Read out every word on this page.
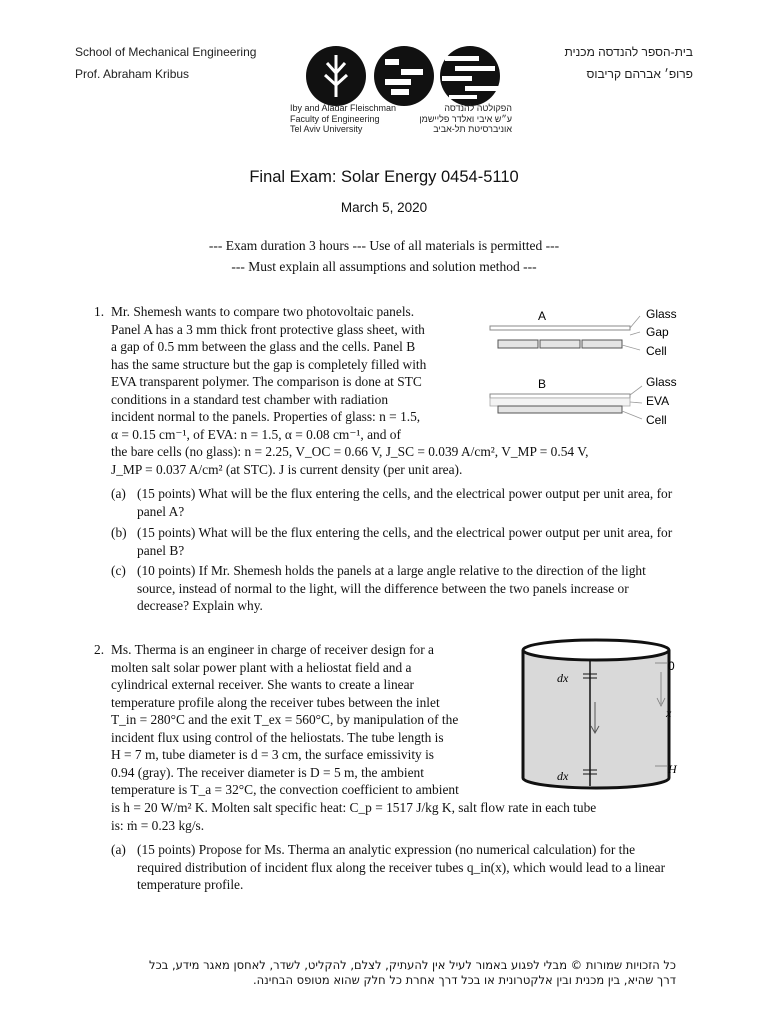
School of Mechanical Engineering
Prof. Abraham Kribus
בית-הספר להנדסה מכנית
פרופ׳ אברהם קריבוס
Iby and Aladar Fleischman
Faculty of Engineering
Tel Aviv University
הפקולטה להנדסה
ע״ש איבי ואלדר פליישמן
אוניברסיטת תל-אביב
Final Exam: Solar Energy 0454-5110
March 5, 2020
--- Exam duration 3 hours --- Use of all materials is permitted ---
--- Must explain all assumptions and solution method ---
1. Mr. Shemesh wants to compare two photovoltaic panels.

Panel A has a 3 mm thick front protective glass sheet, with

a gap of 0.5 mm between the glass and the cells. Panel B

has the same structure but the gap is completely filled with

EVA transparent polymer. The comparison is done at STC

conditions in a standard test chamber with radiation

incident normal to the panels. Properties of glass: n = 1.5,

α = 0.15 cm⁻¹, of EVA: n = 1.5, α = 0.08 cm⁻¹, and of

the bare cells (no glass): n = 2.25, V_OC = 0.66 V, J_SC = 0.039 A/cm², V_MP = 0.54 V,

J_MP = 0.037 A/cm² (at STC). J is current density (per unit area).

(a) (15 points) What will be the flux entering the cells, and the electrical power output per unit area, for panel A?
(b) (15 points) What will be the flux entering the cells, and the electrical power output per unit area, for panel B?
(c) (10 points) If Mr. Shemesh holds the panels at a large angle relative to the direction of the light source, instead of normal to the light, will the difference between the two panels increase or decrease? Explain why.
A	Glass
Gap
Cell
B	Glass
EVA
Cell
2. Ms. Therma is an engineer in charge of receiver design for a

molten salt solar power plant with a heliostat field and a

cylindrical external receiver. She wants to create a linear

temperature profile along the receiver tubes between the inlet

T_in = 280°C and the exit T_ex = 560°C, by manipulation of the

incident flux using control of the heliostats. The tube length is

H = 7 m, tube diameter is d = 3 cm, the surface emissivity is

0.94 (gray). The receiver diameter is D = 5 m, the ambient

temperature is T_a = 32°C, the convection coefficient to ambient

is h = 20 W/m² K. Molten salt specific heat: C_p = 1517 J/kg K, salt flow rate in each tube

is: ṁ = 0.23 kg/s.

(a) (15 points) Propose for Ms. Therma an analytic expression (no numerical calculation) for the required distribution of incident flux along the receiver tubes q_in(x), which would lead to a linear temperature profile.
dx
dx
0
x
H
כל הזכויות שמורות © מבלי לפגוע באמור לעיל אין להעתיק, לצלם, להקליט, לשדר, לאחסן מאגר מידע, בכל
דרך שהיא, בין מכנית ובין אלקטרונית או בכל דרך אחרת כל חלק שהוא מטופס הבחינה.
